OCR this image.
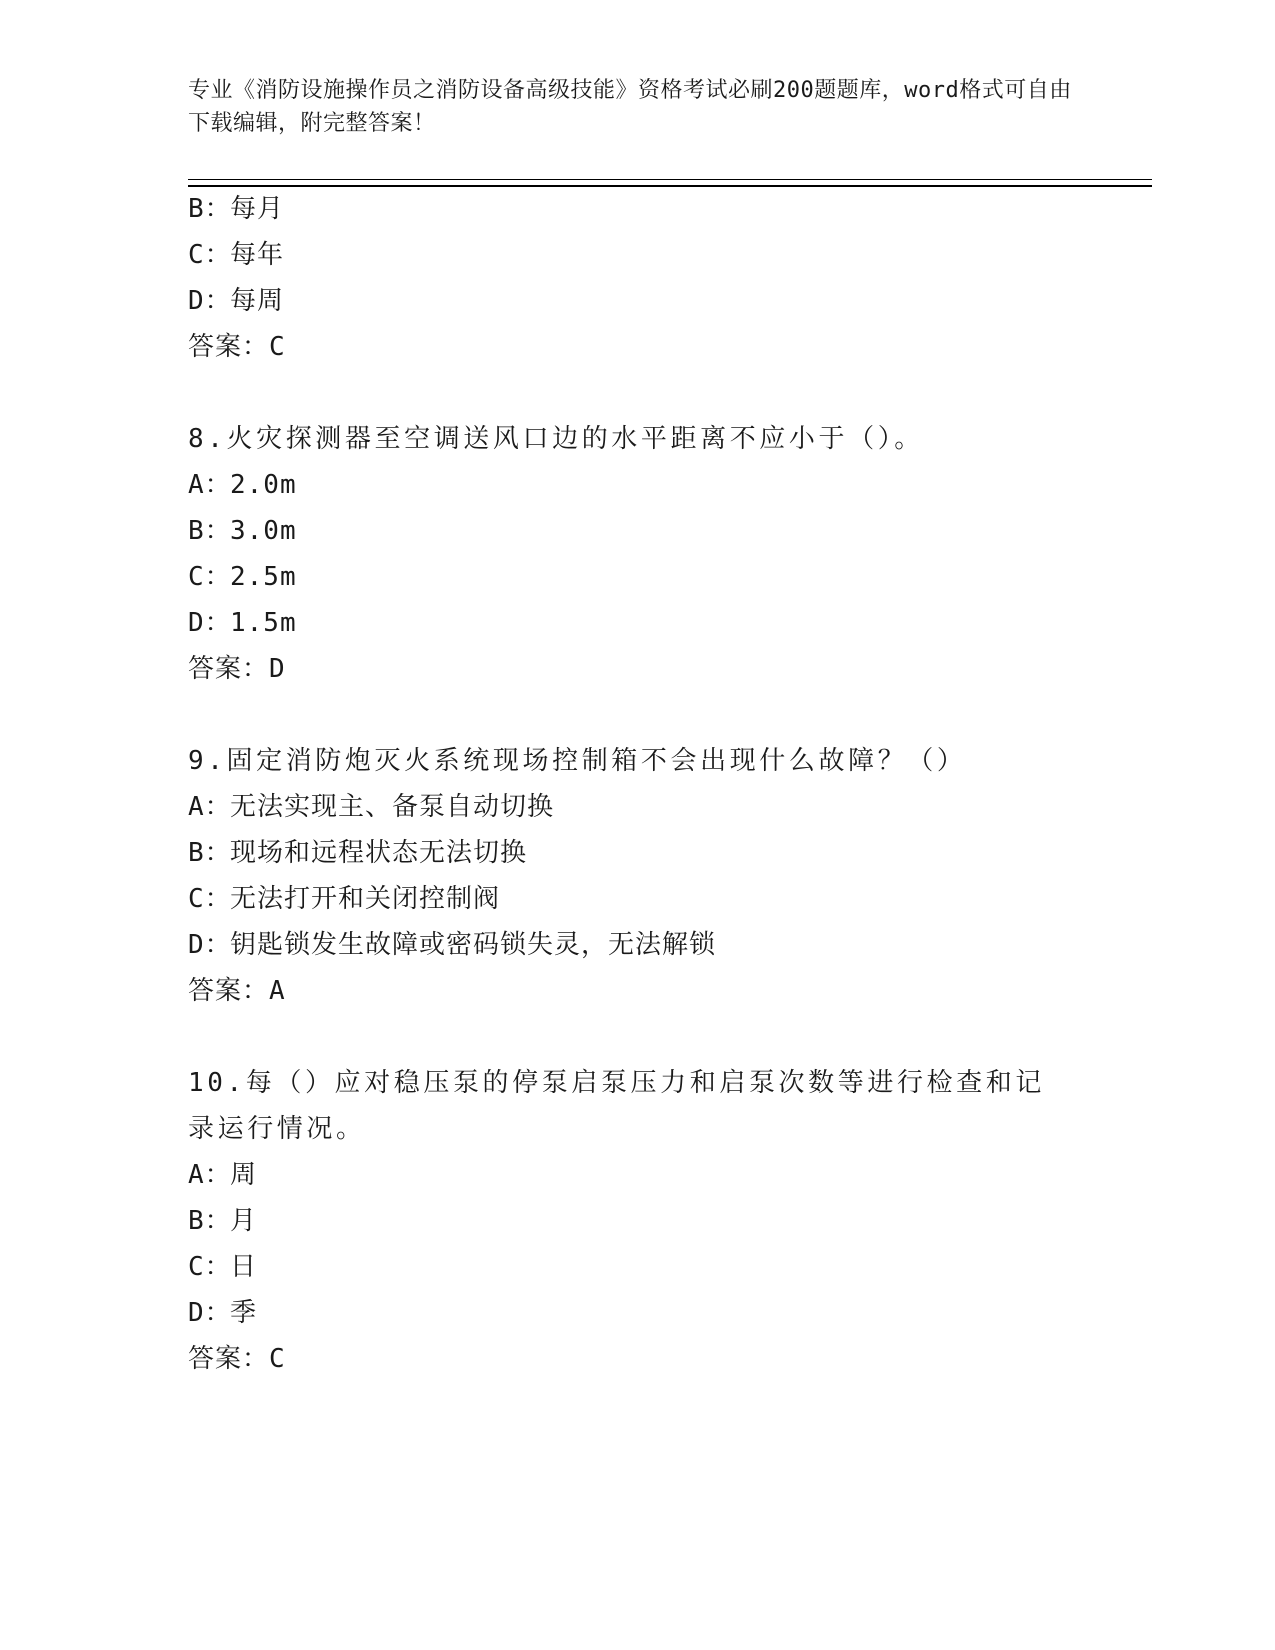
专业《消防设施操作员之消防设备高级技能》资格考试必刷200题题库，word格式可自由下载编辑，附完整答案！
B：每月
C：每年
D：每周
答案：C
8.火灾探测器至空调送风口边的水平距离不应小于（）。
A：2.0m
B：3.0m
C：2.5m
D：1.5m
答案：D
9.固定消防炮灭火系统现场控制箱不会出现什么故障？（）
A：无法实现主、备泵自动切换
B：现场和远程状态无法切换
C：无法打开和关闭控制阀
D：钥匙锁发生故障或密码锁失灵，无法解锁
答案：A
10.每（）应对稳压泵的停泵启泵压力和启泵次数等进行检查和记录运行情况。
A：周
B：月
C：日
D：季
答案：C
